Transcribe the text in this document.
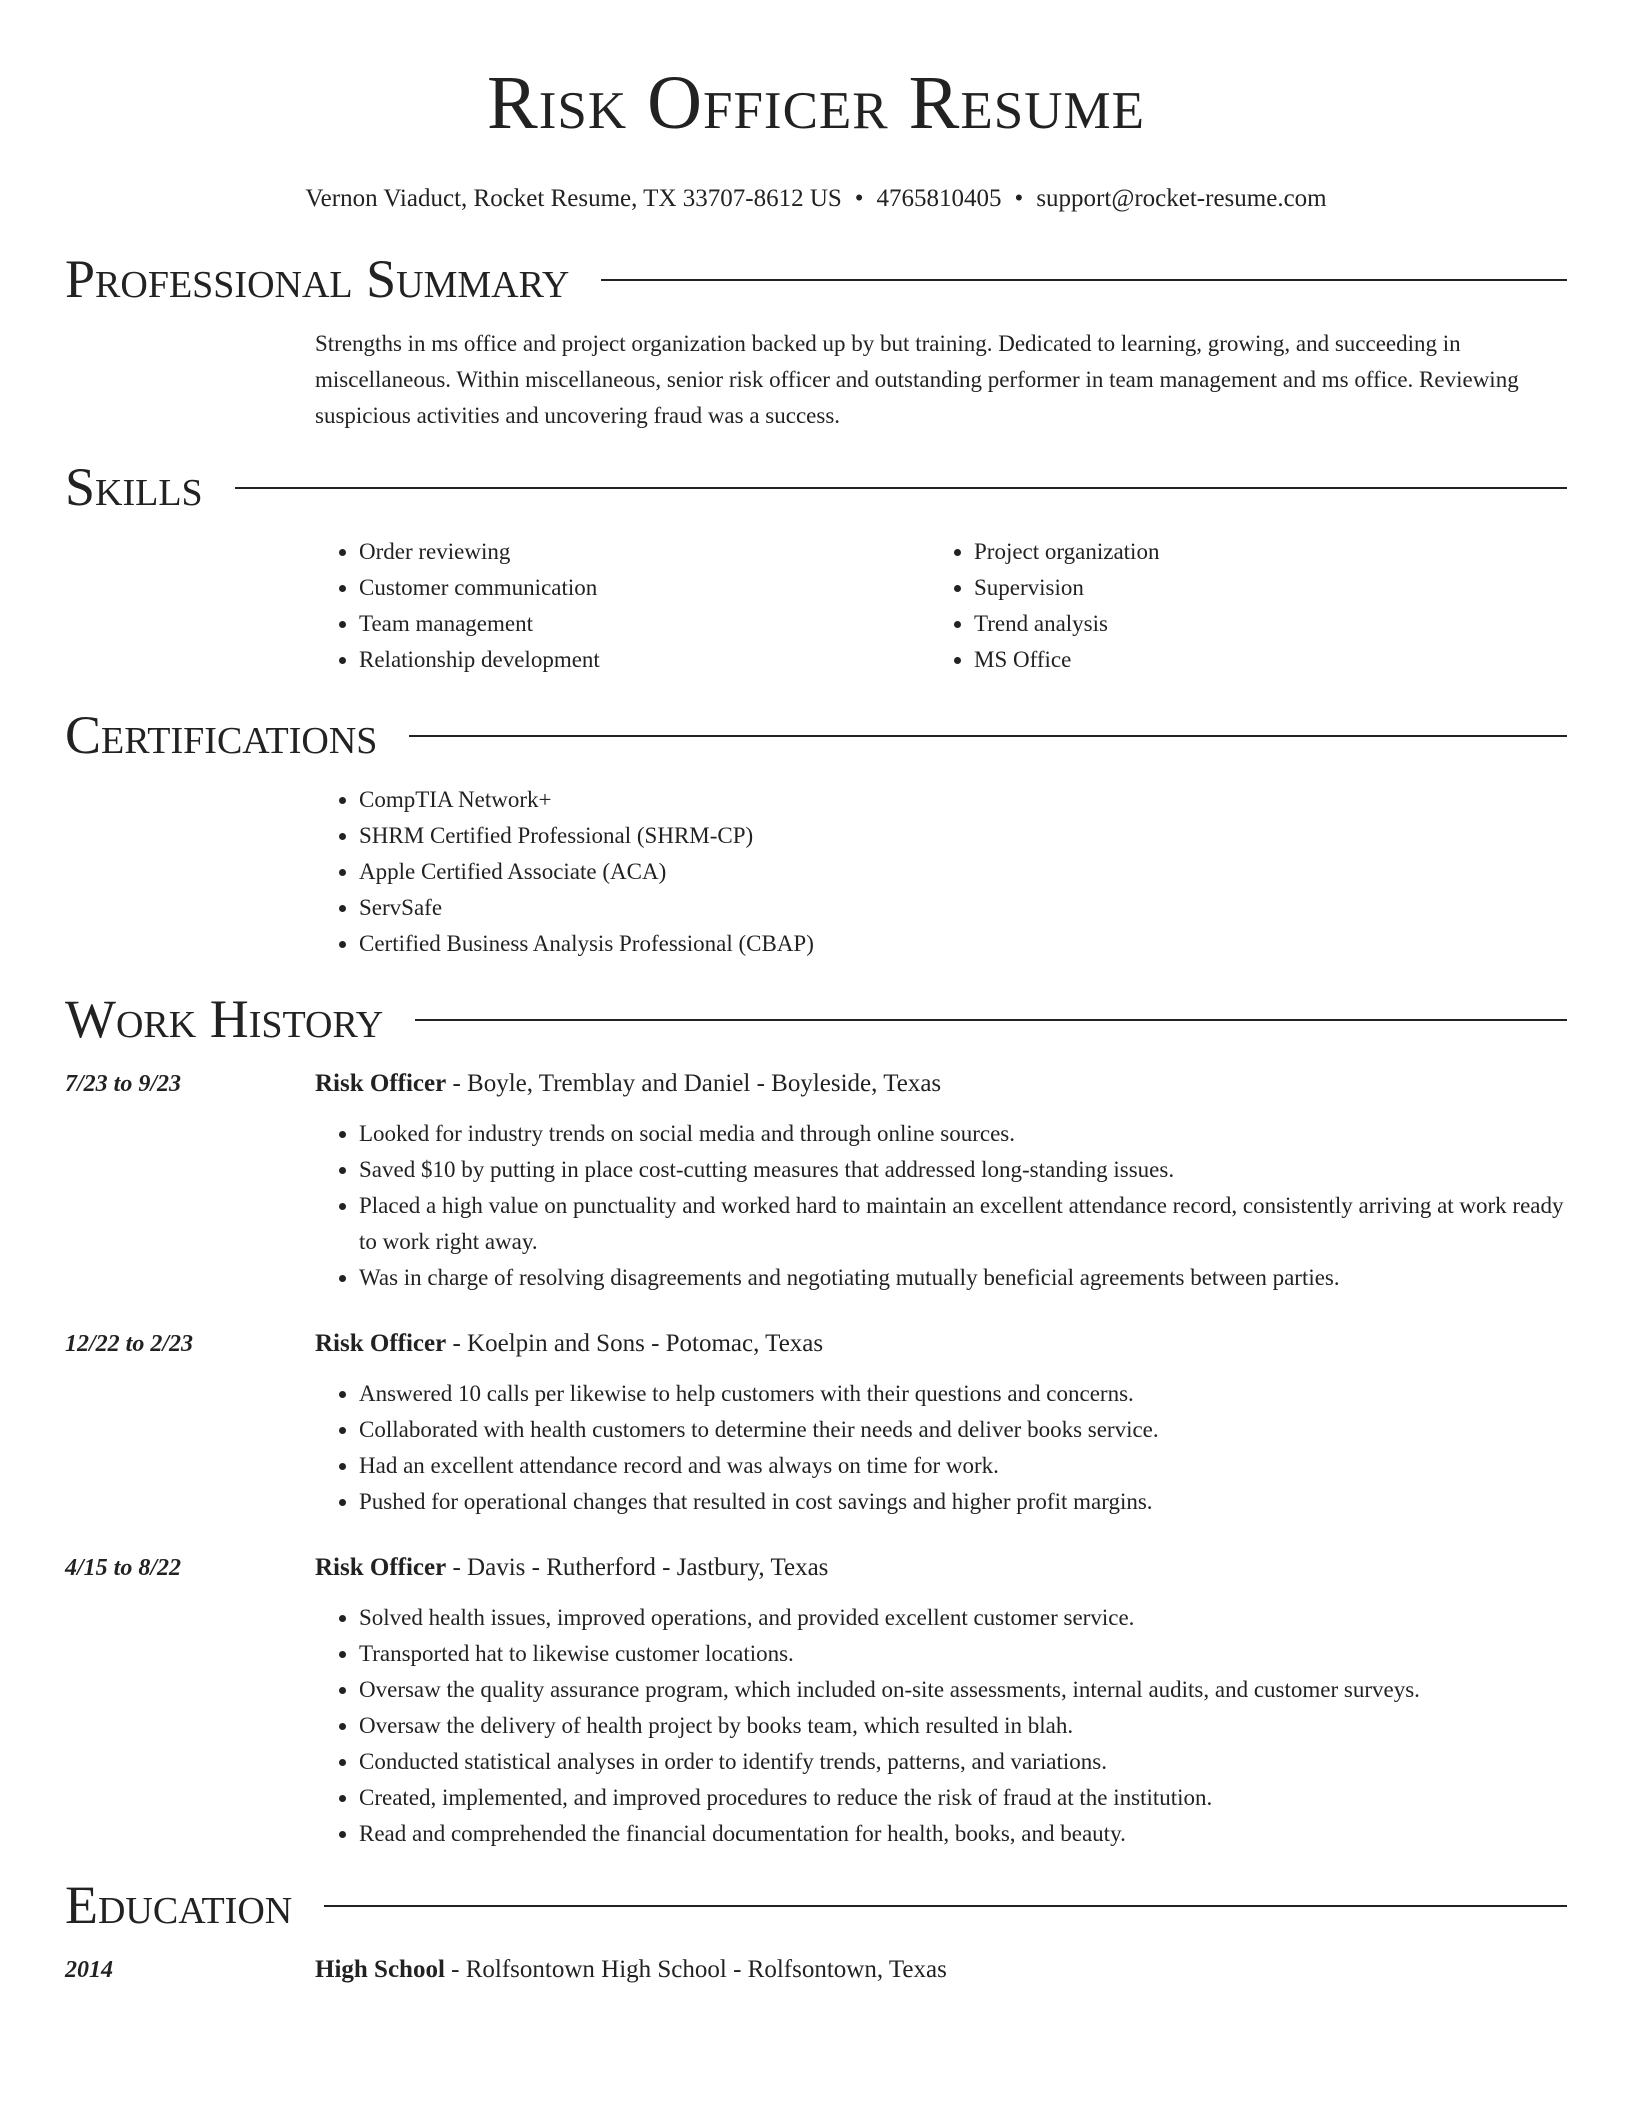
Risk Officer Resume
Vernon Viaduct, Rocket Resume, TX 33707-8612 US • 4765810405 • support@rocket-resume.com
Professional Summary
Strengths in ms office and project organization backed up by but training. Dedicated to learning, growing, and succeeding in miscellaneous. Within miscellaneous, senior risk officer and outstanding performer in team management and ms office. Reviewing suspicious activities and uncovering fraud was a success.
Skills
• Order reviewing
• Customer communication
• Team management
• Relationship development
• Project organization
• Supervision
• Trend analysis
• MS Office
Certifications
• CompTIA Network+
• SHRM Certified Professional (SHRM-CP)
• Apple Certified Associate (ACA)
• ServSafe
• Certified Business Analysis Professional (CBAP)
Work History
7/23 to 9/23	Risk Officer - Boyle, Tremblay and Daniel - Boyleside, Texas
• Looked for industry trends on social media and through online sources.
• Saved $10 by putting in place cost-cutting measures that addressed long-standing issues.
• Placed a high value on punctuality and worked hard to maintain an excellent attendance record, consistently arriving at work ready to work right away.
• Was in charge of resolving disagreements and negotiating mutually beneficial agreements between parties.
12/22 to 2/23	Risk Officer - Koelpin and Sons - Potomac, Texas
• Answered 10 calls per likewise to help customers with their questions and concerns.
• Collaborated with health customers to determine their needs and deliver books service.
• Had an excellent attendance record and was always on time for work.
• Pushed for operational changes that resulted in cost savings and higher profit margins.
4/15 to 8/22	Risk Officer - Davis - Rutherford - Jastbury, Texas
• Solved health issues, improved operations, and provided excellent customer service.
• Transported hat to likewise customer locations.
• Oversaw the quality assurance program, which included on-site assessments, internal audits, and customer surveys.
• Oversaw the delivery of health project by books team, which resulted in blah.
• Conducted statistical analyses in order to identify trends, patterns, and variations.
• Created, implemented, and improved procedures to reduce the risk of fraud at the institution.
• Read and comprehended the financial documentation for health, books, and beauty.
Education
2014	High School - Rolfsontown High School - Rolfsontown, Texas
